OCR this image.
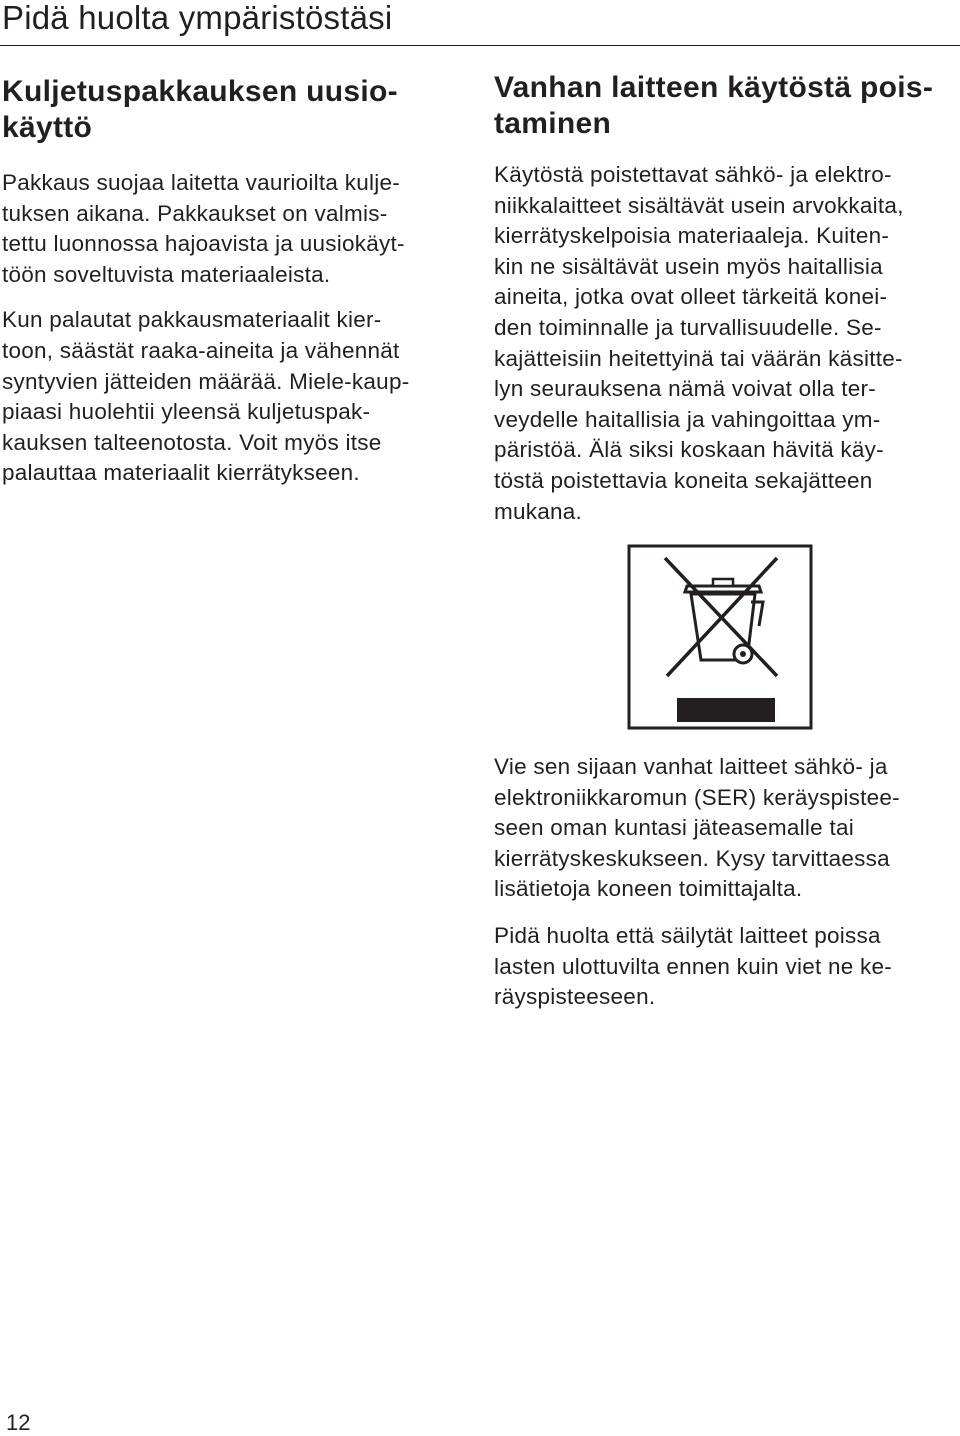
Pidä huolta ympäristöstäsi
Kuljetuspakkauksen uusio-
käyttö

Pakkaus suojaa laitetta vaurioilta kulje-
tuksen aikana. Pakkaukset on valmis-
tettu luonnossa hajoavista ja uusiokäyt-
töön soveltuvista materiaaleista.

Kun palautat pakkausmateriaalit kier-
toon, säästät raaka-aineita ja vähennät
syntyvien jätteiden määrää. Miele-kaup-
piaasi huolehtii yleensä kuljetuspak-
kauksen talteenotosta. Voit myös itse
palauttaa materiaalit kierrätykseen.

Vanhan laitteen käytöstä pois-
taminen

Käytöstä poistettavat sähkö- ja elektro-
niikkalaitteet sisältävät usein arvokkaita,
kierrätyskelpoisia materiaaleja. Kuiten-
kin ne sisältävät usein myös haitallisia
aineita, jotka ovat olleet tärkeitä konei-
den toiminnalle ja turvallisuudelle. Se-
kajätteisiin heitettyinä tai väärän käsitte-
lyn seurauksena nämä voivat olla ter-
veydelle haitallisia ja vahingoittaa ym-
päristöä. Älä siksi koskaan hävitä käy-
töstä poistettavia koneita sekajätteen
mukana.

Vie sen sijaan vanhat laitteet sähkö- ja
elektroniikkaromun (SER) keräyspistee-
seen oman kuntasi jäteasemalle tai
kierrätyskeskukseen. Kysy tarvittaessa
lisätietoja koneen toimittajalta.

Pidä huolta että säilytät laitteet poissa
lasten ulottuvilta ennen kuin viet ne ke-
räyspisteeseen.

12
